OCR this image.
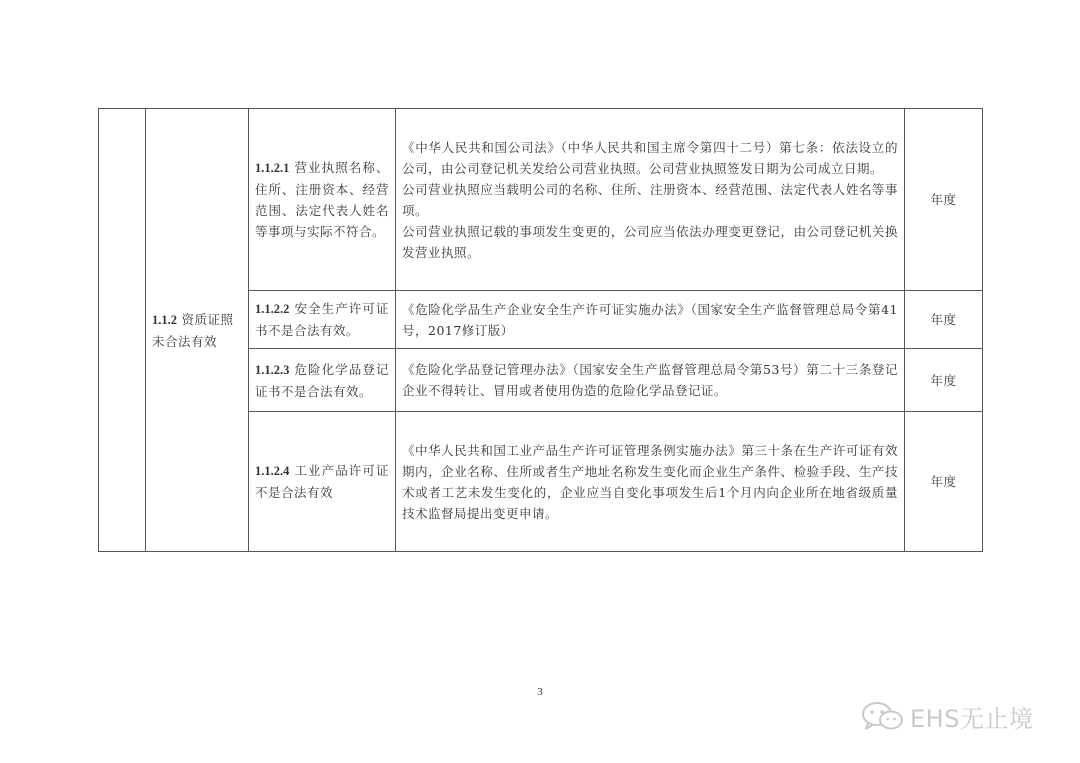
	1.1.2 资质证照未合法有效	1.1.2.1 营业执照名称、住所、注册资本、经营范围、法定代表人姓名等事项与实际不符合。	《中华人民共和国公司法》（中华人民共和国主席令第四十二号）第七条：依法设立的公司，由公司登记机关发给公司营业执照。公司营业执照签发日期为公司成立日期。
公司营业执照应当载明公司的名称、住所、注册资本、经营范围、法定代表人姓名等事项。
公司营业执照记载的事项发生变更的，公司应当依法办理变更登记，由公司登记机关换发营业执照。	年度
		1.1.2.2 安全生产许可证书不是合法有效。	《危险化学品生产企业安全生产许可证实施办法》（国家安全生产监督管理总局令第41号，2017修订版）	年度
		1.1.2.3 危险化学品登记证书不是合法有效。	《危险化学品登记管理办法》（国家安全生产监督管理总局令第53号）第二十三条登记企业不得转让、冒用或者使用伪造的危险化学品登记证。	年度
		1.1.2.4 工业产品许可证不是合法有效	《中华人民共和国工业产品生产许可证管理条例实施办法》第三十条在生产许可证有效期内，企业名称、住所或者生产地址名称发生变化而企业生产条件、检验手段、生产技术或者工艺未发生变化的，企业应当自变化事项发生后1个月内向企业所在地省级质量技术监督局提出变更申请。	年度
3
EHS无止境
